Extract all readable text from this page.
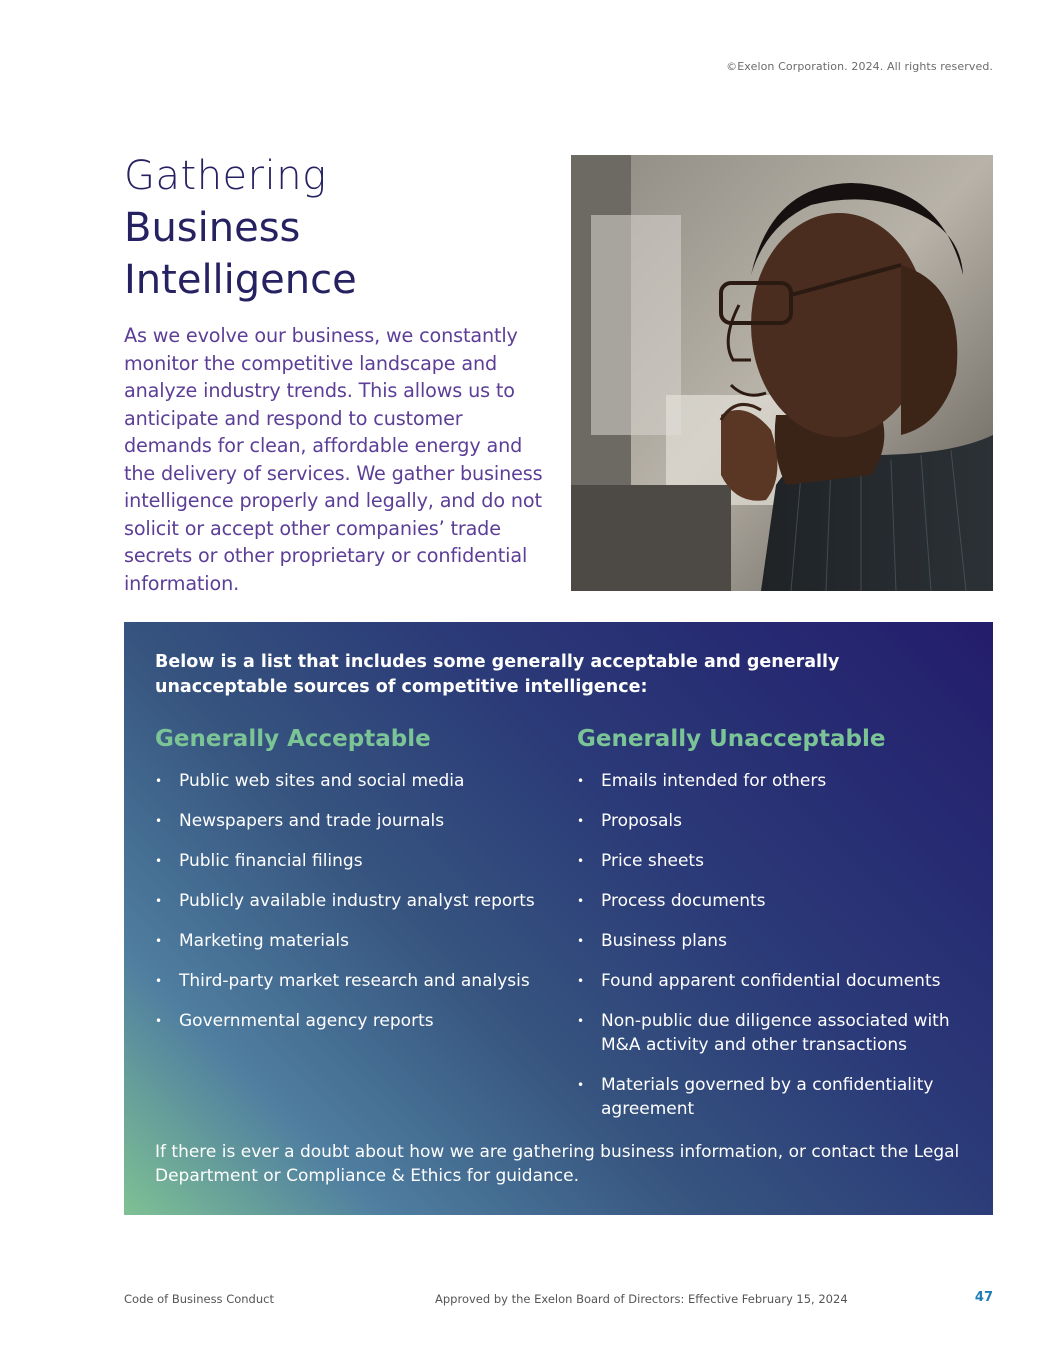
©Exelon Corporation. 2024. All rights reserved.
Gathering
Business
Intelligence

As we evolve our business, we constantly monitor the competitive landscape and analyze industry trends. This allows us to anticipate and respond to customer demands for clean, affordable energy and the delivery of services. We gather business intelligence properly and legally, and do not solicit or accept other companies’ trade secrets or other proprietary or confidential information.

Below is a list that includes some generally acceptable and generally unacceptable sources of competitive intelligence:

Generally Acceptable
• Public web sites and social media
• Newspapers and trade journals
• Public financial filings
• Publicly available industry analyst reports
• Marketing materials
• Third-party market research and analysis
• Governmental agency reports
Generally Unacceptable
• Emails intended for others
• Proposals
• Price sheets
• Process documents
• Business plans
• Found apparent confidential documents
• Non-public due diligence associated with M&A activity and other transactions
• Materials governed by a confidentiality agreement

If there is ever a doubt about how we are gathering business information, or contact the Legal Department or Compliance & Ethics for guidance.

Code of Business Conduct	Approved by the Exelon Board of Directors: Effective February 15, 2024	47
